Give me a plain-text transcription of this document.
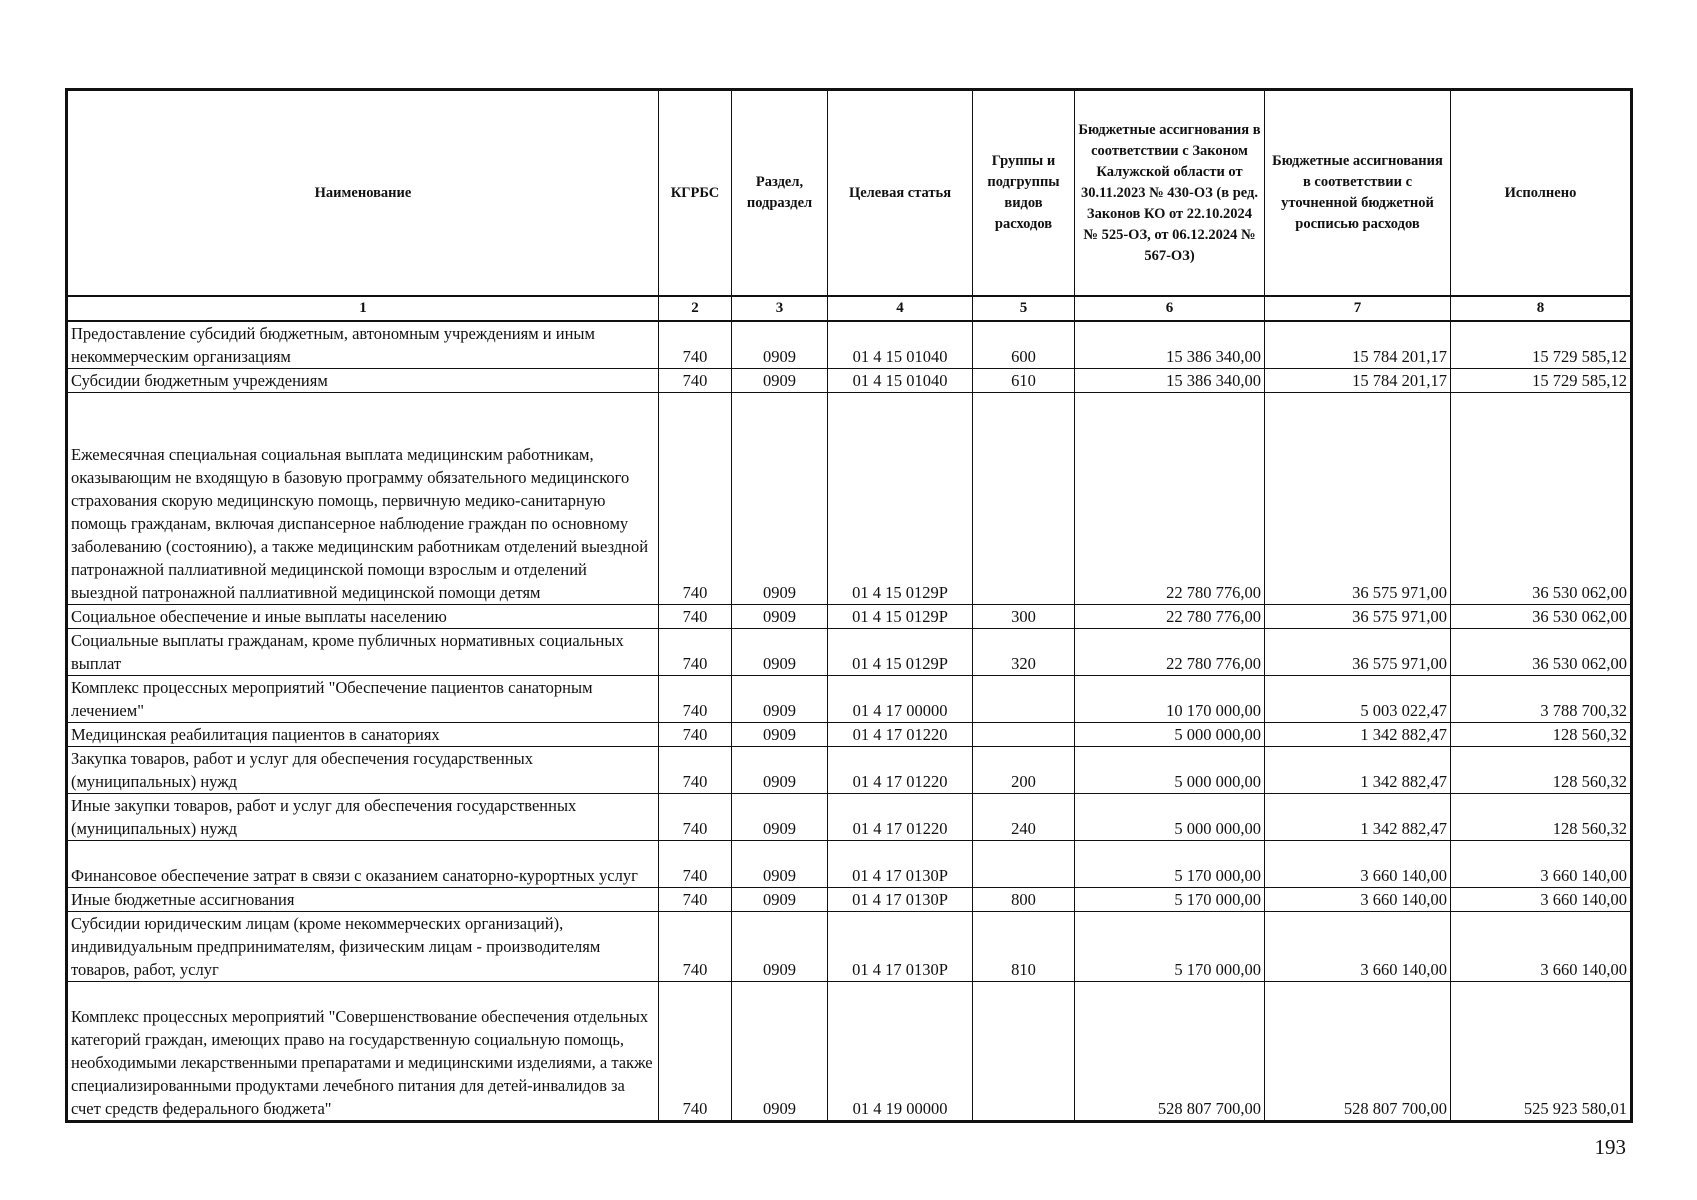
Наименование	КГРБС	Раздел, подраздел	Целевая статья	Группы и подгруппы видов расходов	Бюджетные ассигнования в соответствии с Законом Калужской области от 30.11.2023 № 430-ОЗ (в ред. Законов КО от 22.10.2024 № 525-ОЗ, от 06.12.2024 № 567-ОЗ)	Бюджетные ассигнования в соответствии с уточненной бюджетной росписью расходов	Исполнено
1	2	3	4	5	6	7	8
Предоставление субсидий бюджетным, автономным учреждениям и иным некоммерческим организациям	740	0909	01 4 15 01040	600	15 386 340,00	15 784 201,17	15 729 585,12
Субсидии бюджетным учреждениям	740	0909	01 4 15 01040	610	15 386 340,00	15 784 201,17	15 729 585,12
Ежемесячная специальная социальная выплата медицинским работникам, оказывающим не входящую в базовую программу обязательного медицинского страхования скорую медицинскую помощь, первичную медико-санитарную помощь гражданам, включая диспансерное наблюдение граждан по основному заболеванию (состоянию), а также медицинским работникам отделений выездной патронажной паллиативной медицинской помощи взрослым и отделений выездной патронажной паллиативной медицинской помощи детям	740	0909	01 4 15 0129Р		22 780 776,00	36 575 971,00	36 530 062,00
Социальное обеспечение и иные выплаты населению	740	0909	01 4 15 0129Р	300	22 780 776,00	36 575 971,00	36 530 062,00
Социальные выплаты гражданам, кроме публичных нормативных социальных выплат	740	0909	01 4 15 0129Р	320	22 780 776,00	36 575 971,00	36 530 062,00
Комплекс процессных мероприятий "Обеспечение пациентов санаторным лечением"	740	0909	01 4 17 00000		10 170 000,00	5 003 022,47	3 788 700,32
Медицинская реабилитация пациентов в санаториях	740	0909	01 4 17 01220		5 000 000,00	1 342 882,47	128 560,32
Закупка товаров, работ и услуг для обеспечения государственных (муниципальных) нужд	740	0909	01 4 17 01220	200	5 000 000,00	1 342 882,47	128 560,32
Иные закупки товаров, работ и услуг для обеспечения государственных (муниципальных) нужд	740	0909	01 4 17 01220	240	5 000 000,00	1 342 882,47	128 560,32
Финансовое обеспечение затрат в связи с оказанием санаторно-курортных услуг	740	0909	01 4 17 0130Р		5 170 000,00	3 660 140,00	3 660 140,00
Иные бюджетные ассигнования	740	0909	01 4 17 0130Р	800	5 170 000,00	3 660 140,00	3 660 140,00
Субсидии юридическим лицам (кроме некоммерческих организаций), индивидуальным предпринимателям, физическим лицам - производителям товаров, работ, услуг	740	0909	01 4 17 0130Р	810	5 170 000,00	3 660 140,00	3 660 140,00
Комплекс процессных мероприятий "Совершенствование обеспечения отдельных категорий граждан, имеющих право на государственную социальную помощь, необходимыми лекарственными препаратами и медицинскими изделиями, а также специализированными продуктами лечебного питания для детей-инвалидов за счет средств федерального бюджета"	740	0909	01 4 19 00000		528 807 700,00	528 807 700,00	525 923 580,01
193
